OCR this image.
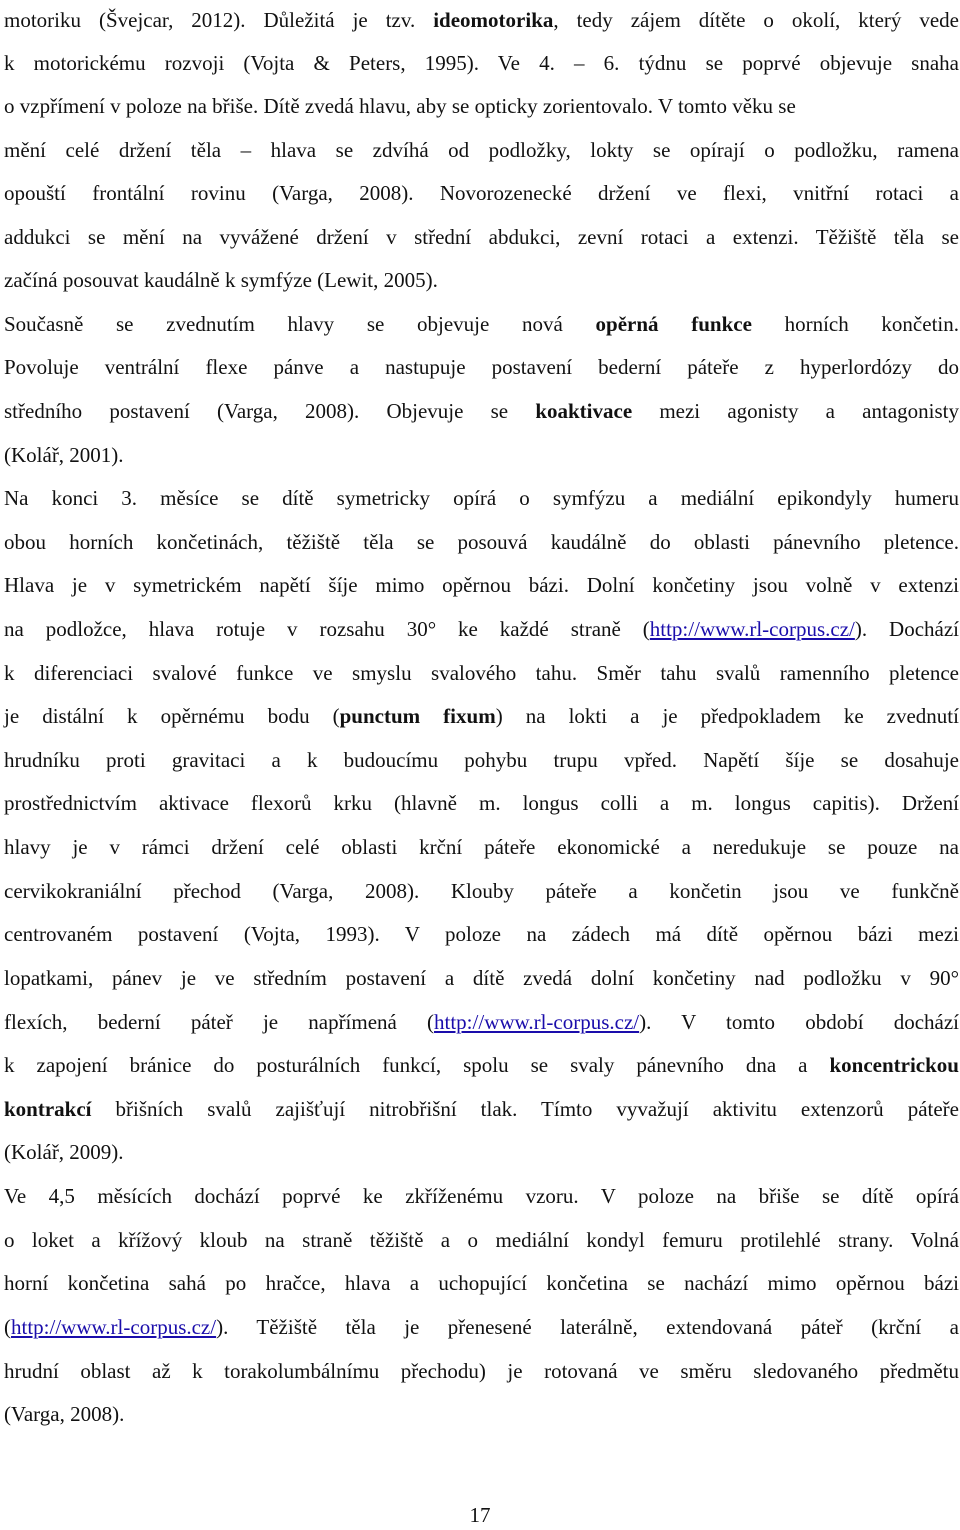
motoriku (Švejcar, 2012). Důležitá je tzv. ideomotorika, tedy zájem dítěte o okolí, který vede
k motorickému rozvoji (Vojta & Peters, 1995). Ve 4. – 6. týdnu se poprvé objevuje snaha
o vzpřímení v poloze na břiše. Dítě zvedá hlavu, aby se opticky zorientovalo. V tomto věku se
mění celé držení těla – hlava se zdvíhá od podložky, lokty se opírají o podložku, ramena
opouští frontální rovinu (Varga, 2008). Novorozenecké držení ve flexi, vnitřní rotaci a
addukci se mění na vyvážené držení v střední abdukci, zevní rotaci a extenzi. Těžiště těla se
začíná posouvat kaudálně k symfýze (Lewit, 2005).
Současně se zvednutím hlavy se objevuje nová opěrná funkce horních končetin.
Povoluje ventrální flexe pánve a nastupuje postavení bederní páteře z hyperlordózy do
středního postavení (Varga, 2008). Objevuje se koaktivace mezi agonisty a antagonisty
(Kolář, 2001).
Na konci 3. měsíce se dítě symetricky opírá o symfýzu a mediální epikondyly humeru
obou horních končetinách, těžiště těla se posouvá kaudálně do oblasti pánevního pletence.
Hlava je v symetrickém napětí šíje mimo opěrnou bázi. Dolní končetiny jsou volně v extenzi
na podložce, hlava rotuje v rozsahu 30° ke každé straně (http://www.rl-corpus.cz/). Dochází
k diferenciaci svalové funkce ve smyslu svalového tahu. Směr tahu svalů ramenního pletence
je distální k opěrnému bodu (punctum fixum) na lokti a je předpokladem ke zvednutí
hrudníku proti gravitaci a k budoucímu pohybu trupu vpřed. Napětí šíje se dosahuje
prostřednictvím aktivace flexorů krku (hlavně m. longus colli a m. longus capitis). Držení
hlavy je v rámci držení celé oblasti krční páteře ekonomické a neredukuje se pouze na
cervikokraniální přechod (Varga, 2008). Klouby páteře a končetin jsou ve funkčně
centrovaném postavení (Vojta, 1993). V poloze na zádech má dítě opěrnou bázi mezi
lopatkami, pánev je ve středním postavení a dítě zvedá dolní končetiny nad podložku v 90°
flexích, bederní páteř je napřímená (http://www.rl-corpus.cz/). V tomto období dochází
k zapojení bránice do posturálních funkcí, spolu se svaly pánevního dna a koncentrickou
kontrakcí břišních svalů zajišťují nitrobřišní tlak. Tímto vyvažují aktivitu extenzorů páteře
(Kolář, 2009).
Ve 4,5 měsících dochází poprvé ke zkříženému vzoru. V poloze na břiše se dítě opírá
o loket a křížový kloub na straně těžiště a o mediální kondyl femuru protilehlé strany. Volná
horní končetina sahá po hračce, hlava a uchopující končetina se nachází mimo opěrnou bázi
(http://www.rl-corpus.cz/). Těžiště těla je přenesené laterálně, extendovaná páteř (krční a
hrudní oblast až k torakolumbálnímu přechodu) je rotovaná ve směru sledovaného předmětu
(Varga, 2008).
17
